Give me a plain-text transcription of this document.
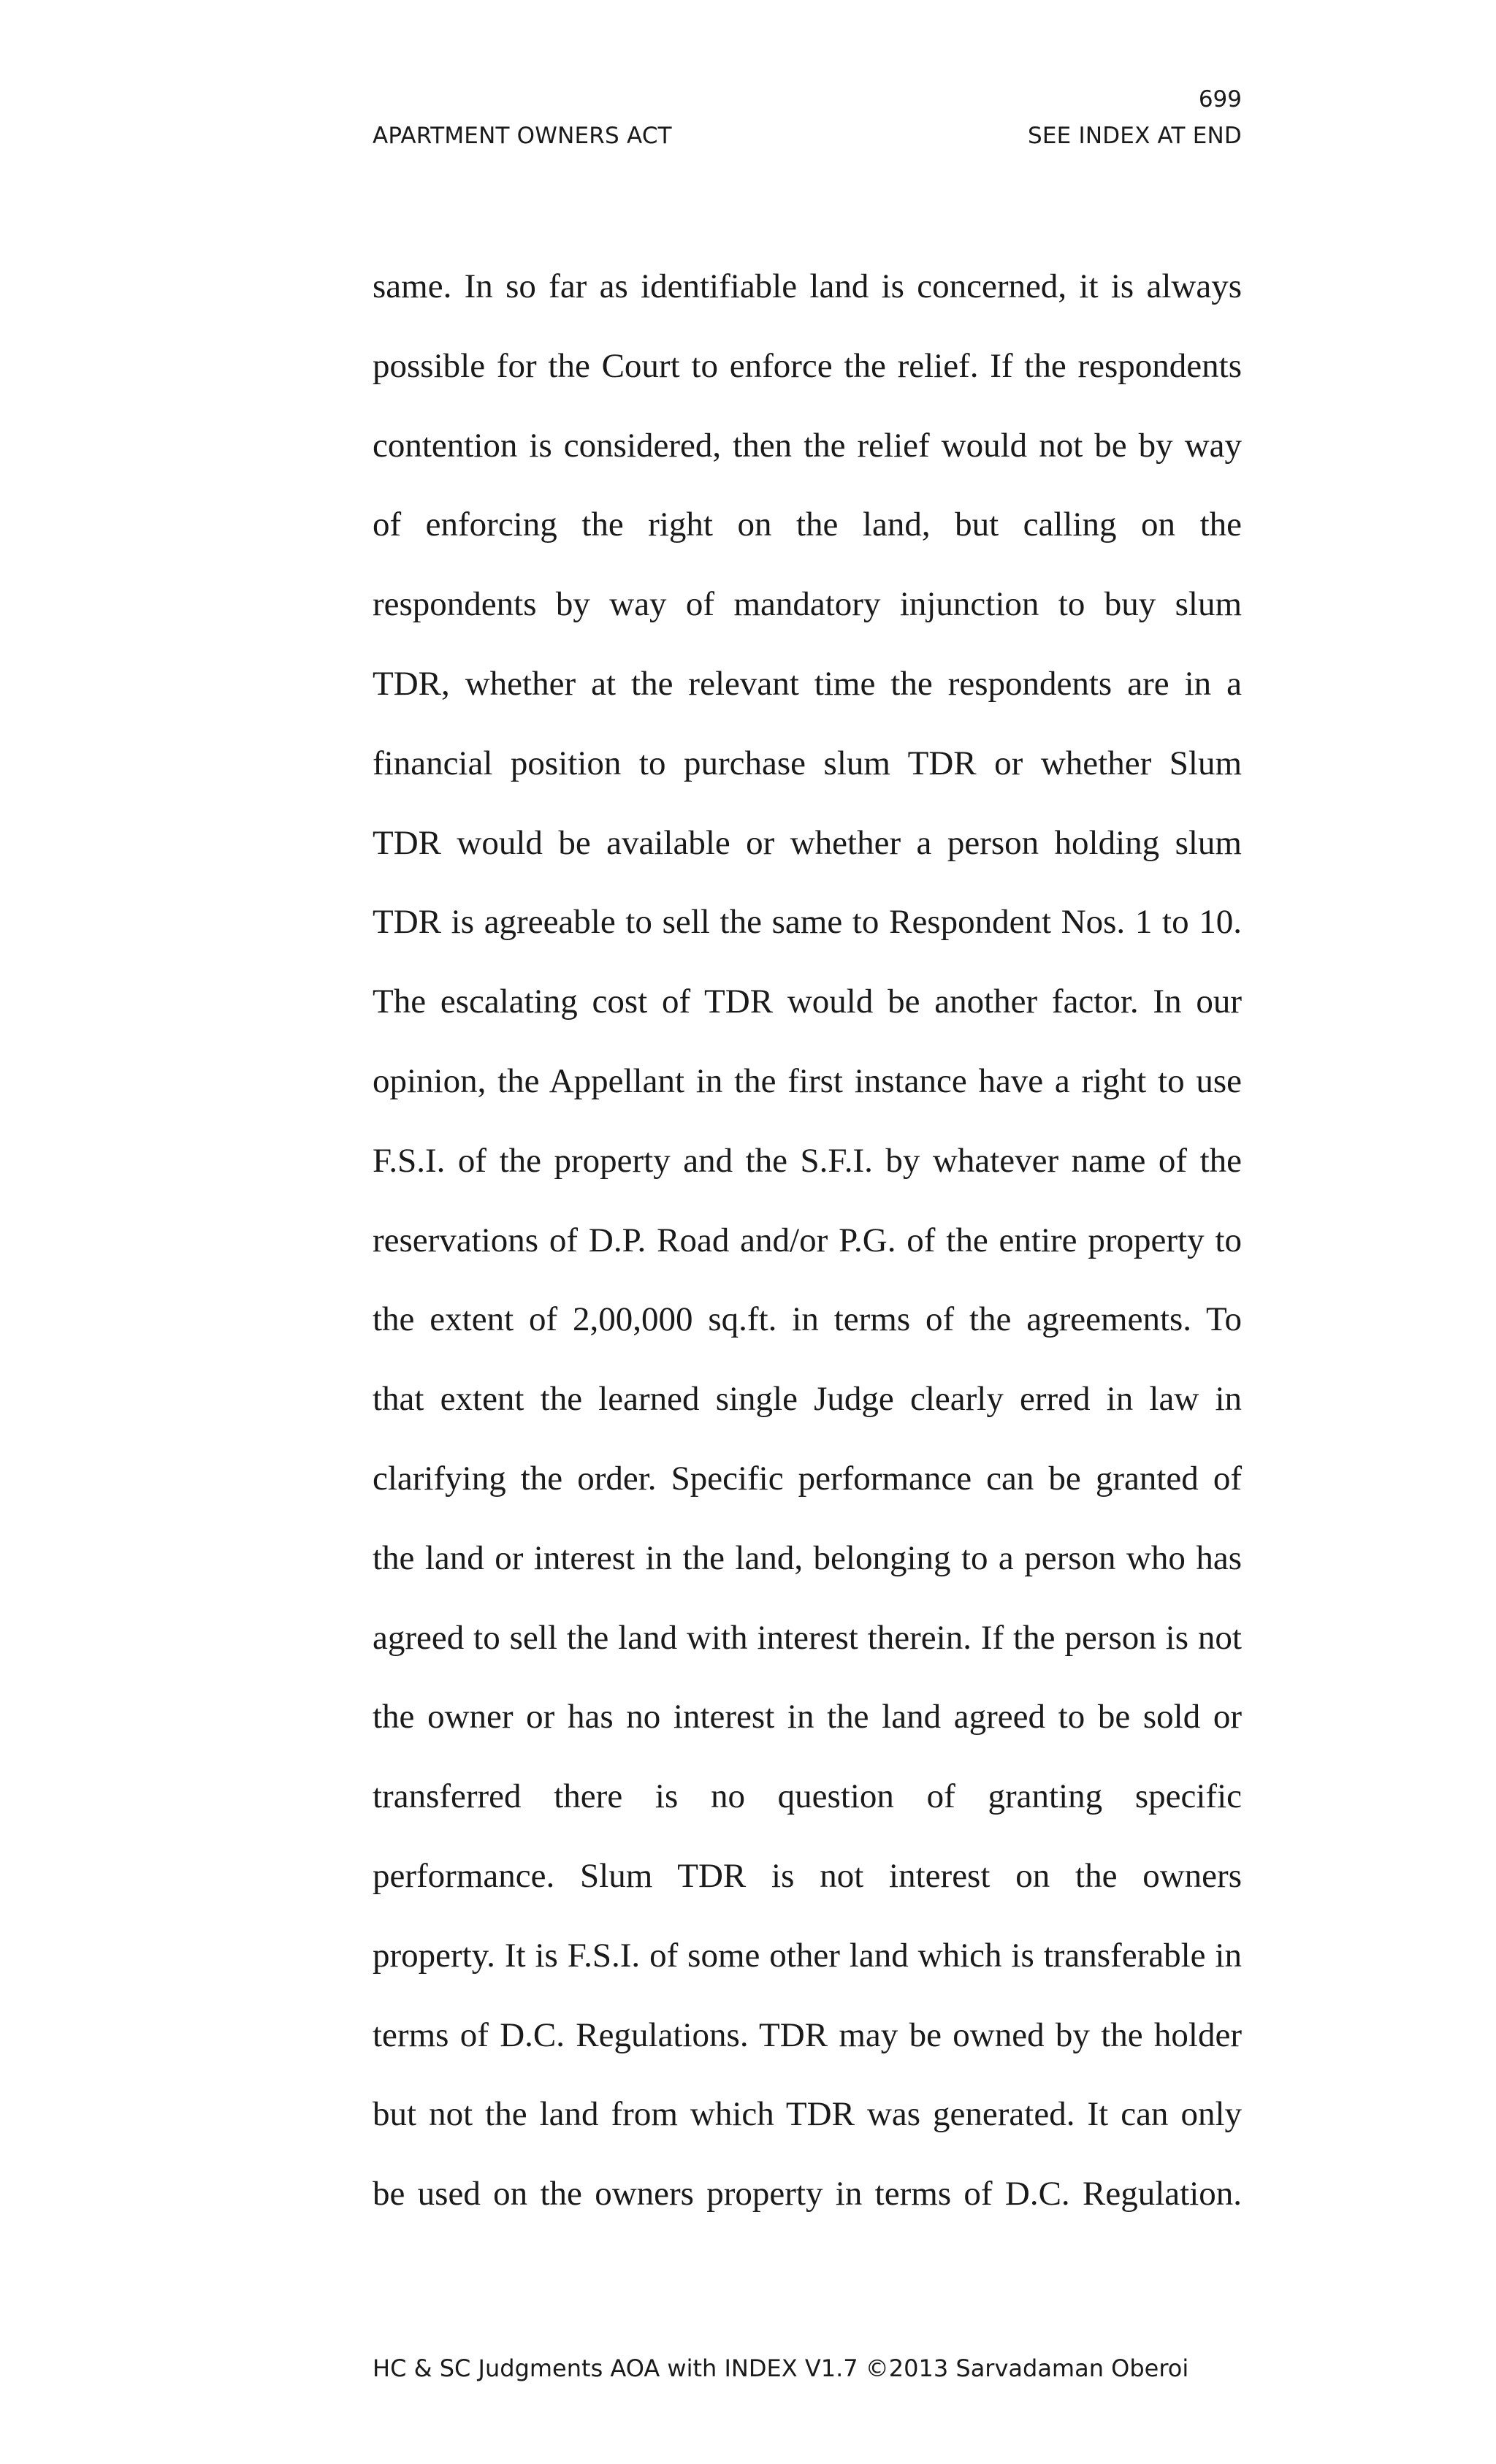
699
APARTMENT OWNERS ACT	SEE INDEX AT END
same. In so far as identifiable land is concerned, it is always
possible for the Court to enforce the relief. If the respondents
contention is considered, then the relief would not be by way
of enforcing the right on the land, but calling on the
respondents by way of mandatory injunction to buy slum
TDR, whether at the relevant time the respondents are in a
financial position to purchase slum TDR or whether Slum
TDR would be available or whether a person holding slum
TDR is agreeable to sell the same to Respondent Nos. 1 to 10.
The escalating cost of TDR would be another factor. In our
opinion, the Appellant in the first instance have a right to use
F.S.I. of the property and the S.F.I. by whatever name of the
reservations of D.P. Road and/or P.G. of the entire property to
the extent of 2,00,000 sq.ft. in terms of the agreements. To
that extent the learned single Judge clearly erred in law in
clarifying the order. Specific performance can be granted of
the land or interest in the land, belonging to a person who has
agreed to sell the land with interest therein. If the person is not
the owner or has no interest in the land agreed to be sold or
transferred there is no question of granting specific
performance. Slum TDR is not interest on the owners
property. It is F.S.I. of some other land which is transferable in
terms of D.C. Regulations. TDR may be owned by the holder
but not the land from which TDR was generated. It can only
be used on the owners property in terms of D.C. Regulation.
HC & SC Judgments AOA with INDEX V1.7 ©2013 Sarvadaman Oberoi
